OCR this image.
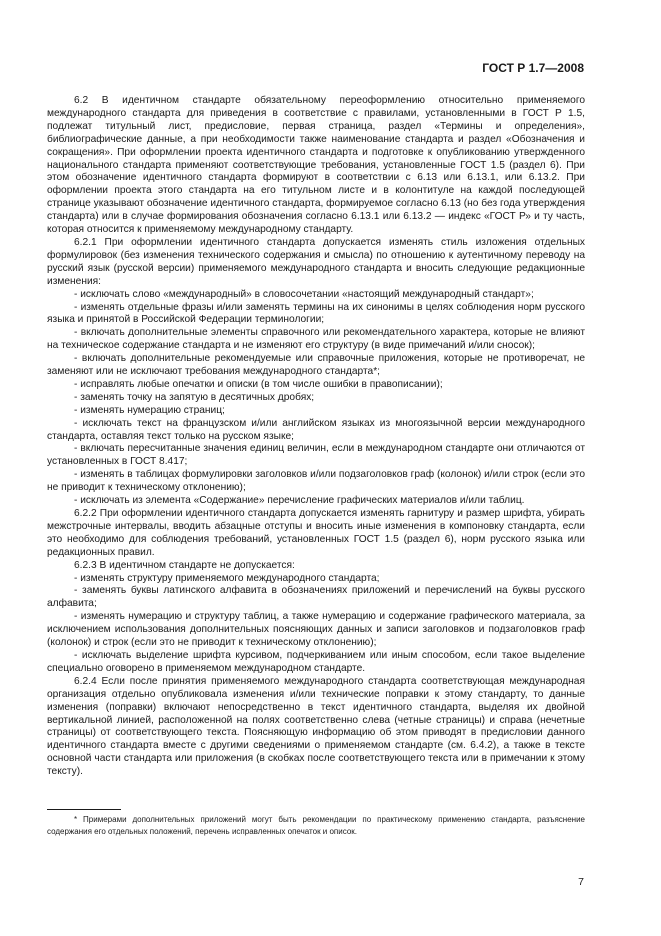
ГОСТ Р 1.7—2008

6.2 В идентичном стандарте обязательному переоформлению относительно применяемого международного стандарта для приведения в соответствие с правилами, установленными в ГОСТ Р 1.5, подлежат титульный лист, предисловие, первая страница, раздел «Термины и определения», библиографические данные, а при необходимости также наименование стандарта и раздел «Обозначения и сокращения». При оформлении проекта идентичного стандарта и подготовке к опубликованию утвержденного национального стандарта применяют соответствующие требования, установленные ГОСТ 1.5 (раздел 6). При этом обозначение идентичного стандарта формируют в соответствии с 6.13 или 6.13.1, или 6.13.2. При оформлении проекта этого стандарта на его титульном листе и в колонтитуле на каждой последующей странице указывают обозначение идентичного стандарта, формируемое согласно 6.13 (но без года утверждения стандарта) или в случае формирования обозначения согласно 6.13.1 или 6.13.2 — индекс «ГОСТ Р» и ту часть, которая относится к применяемому международному стандарту.

6.2.1 При оформлении идентичного стандарта допускается изменять стиль изложения отдельных формулировок (без изменения технического содержания и смысла) по отношению к аутентичному переводу на русский язык (русской версии) применяемого международного стандарта и вносить следующие редакционные изменения:

- исключать слово «международный» в словосочетании «настоящий международный стандарт»;

- изменять отдельные фразы и/или заменять термины на их синонимы в целях соблюдения норм русского языка и принятой в Российской Федерации терминологии;

- включать дополнительные элементы справочного или рекомендательного характера, которые не влияют на техническое содержание стандарта и не изменяют его структуру (в виде примечаний и/или сносок);

- включать дополнительные рекомендуемые или справочные приложения, которые не противоречат, не заменяют или не исключают требования международного стандарта*;

- исправлять любые опечатки и описки (в том числе ошибки в правописании);

- заменять точку на запятую в десятичных дробях;

- изменять нумерацию страниц;

- исключать текст на французском и/или английском языках из многоязычной версии международного стандарта, оставляя текст только на русском языке;

- включать пересчитанные значения единиц величин, если в международном стандарте они отличаются от установленных в ГОСТ 8.417;

- изменять в таблицах формулировки заголовков и/или подзаголовков граф (колонок) и/или строк (если это не приводит к техническому отклонению);

- исключать из элемента «Содержание» перечисление графических материалов и/или таблиц.

6.2.2 При оформлении идентичного стандарта допускается изменять гарнитуру и размер шрифта, убирать межстрочные интервалы, вводить абзацные отступы и вносить иные изменения в компоновку стандарта, если это необходимо для соблюдения требований, установленных ГОСТ 1.5 (раздел 6), норм русского языка или редакционных правил.

6.2.3 В идентичном стандарте не допускается:

- изменять структуру применяемого международного стандарта;

- заменять буквы латинского алфавита в обозначениях приложений и перечислений на буквы русского алфавита;

- изменять нумерацию и структуру таблиц, а также нумерацию и содержание графического материала, за исключением использования дополнительных поясняющих данных и записи заголовков и подзаголовков граф (колонок) и строк (если это не приводит к техническому отклонению);

- исключать выделение шрифта курсивом, подчеркиванием или иным способом, если такое выделение специально оговорено в применяемом международном стандарте.

6.2.4 Если после принятия применяемого международного стандарта соответствующая международная организация отдельно опубликовала изменения и/или технические поправки к этому стандарту, то данные изменения (поправки) включают непосредственно в текст идентичного стандарта, выделяя их двойной вертикальной линией, расположенной на полях соответственно слева (четные страницы) и справа (нечетные страницы) от соответствующего текста. Поясняющую информацию об этом приводят в предисловии данного идентичного стандарта вместе с другими сведениями о применяемом стандарте (см. 6.4.2), а также в тексте основной части стандарта или приложения (в скобках после соответствующего текста или в примечании к этому тексту).

* Примерами дополнительных приложений могут быть рекомендации по практическому применению стандарта, разъяснение содержания его отдельных положений, перечень исправленных опечаток и описок.

7
